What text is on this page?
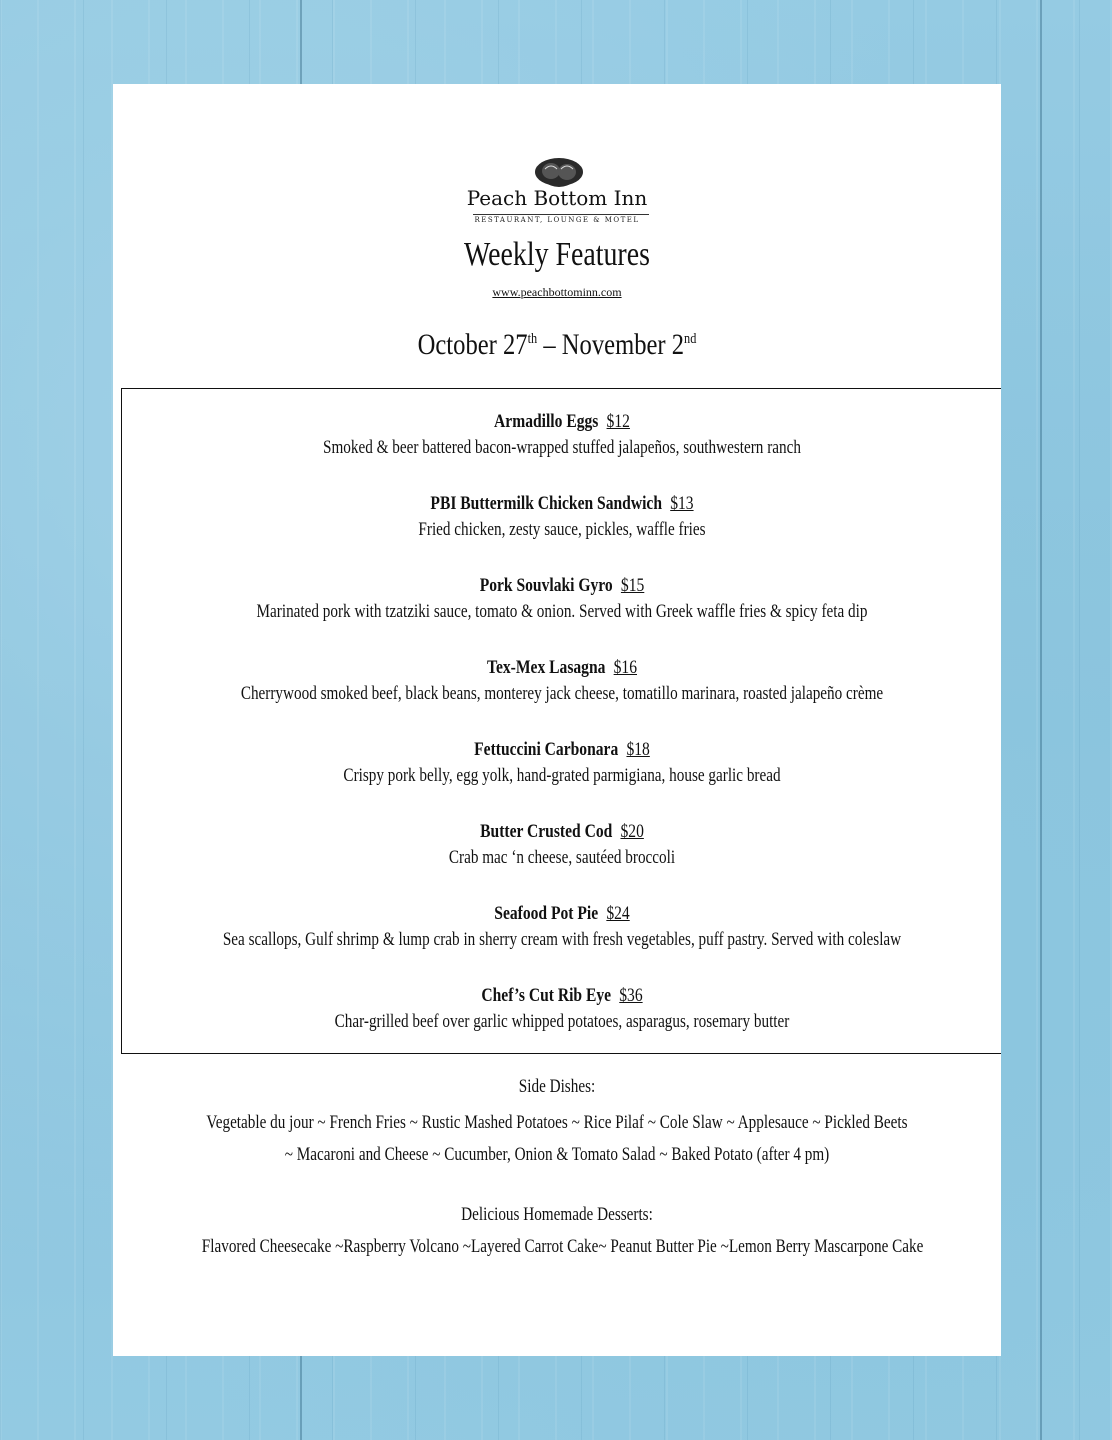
Peach Bottom Inn
RESTAURANT, LOUNGE & MOTEL
Weekly Features
www.peachbottominn.com
October 27th – November 2nd
Armadillo Eggs $12
Smoked & beer battered bacon-wrapped stuffed jalapeños, southwestern ranch
PBI Buttermilk Chicken Sandwich $13
Fried chicken, zesty sauce, pickles, waffle fries
Pork Souvlaki Gyro $15
Marinated pork with tzatziki sauce, tomato & onion. Served with Greek waffle fries & spicy feta dip
Tex-Mex Lasagna $16
Cherrywood smoked beef, black beans, monterey jack cheese, tomatillo marinara, roasted jalapeño crème
Fettuccini Carbonara $18
Crispy pork belly, egg yolk, hand-grated parmigiana, house garlic bread
Butter Crusted Cod $20
Crab mac ‘n cheese, sautéed broccoli
Seafood Pot Pie $24
Sea scallops, Gulf shrimp & lump crab in sherry cream with fresh vegetables, puff pastry. Served with coleslaw
Chef’s Cut Rib Eye $36
Char-grilled beef over garlic whipped potatoes, asparagus, rosemary butter
Side Dishes:
Vegetable du jour ~ French Fries ~ Rustic Mashed Potatoes ~ Rice Pilaf ~ Cole Slaw ~ Applesauce ~ Pickled Beets
~ Macaroni and Cheese ~ Cucumber, Onion & Tomato Salad ~ Baked Potato (after 4 pm)
Delicious Homemade Desserts:
Flavored Cheesecake ~Raspberry Volcano ~Layered Carrot Cake~ Peanut Butter Pie ~Lemon Berry Mascarpone Cake
